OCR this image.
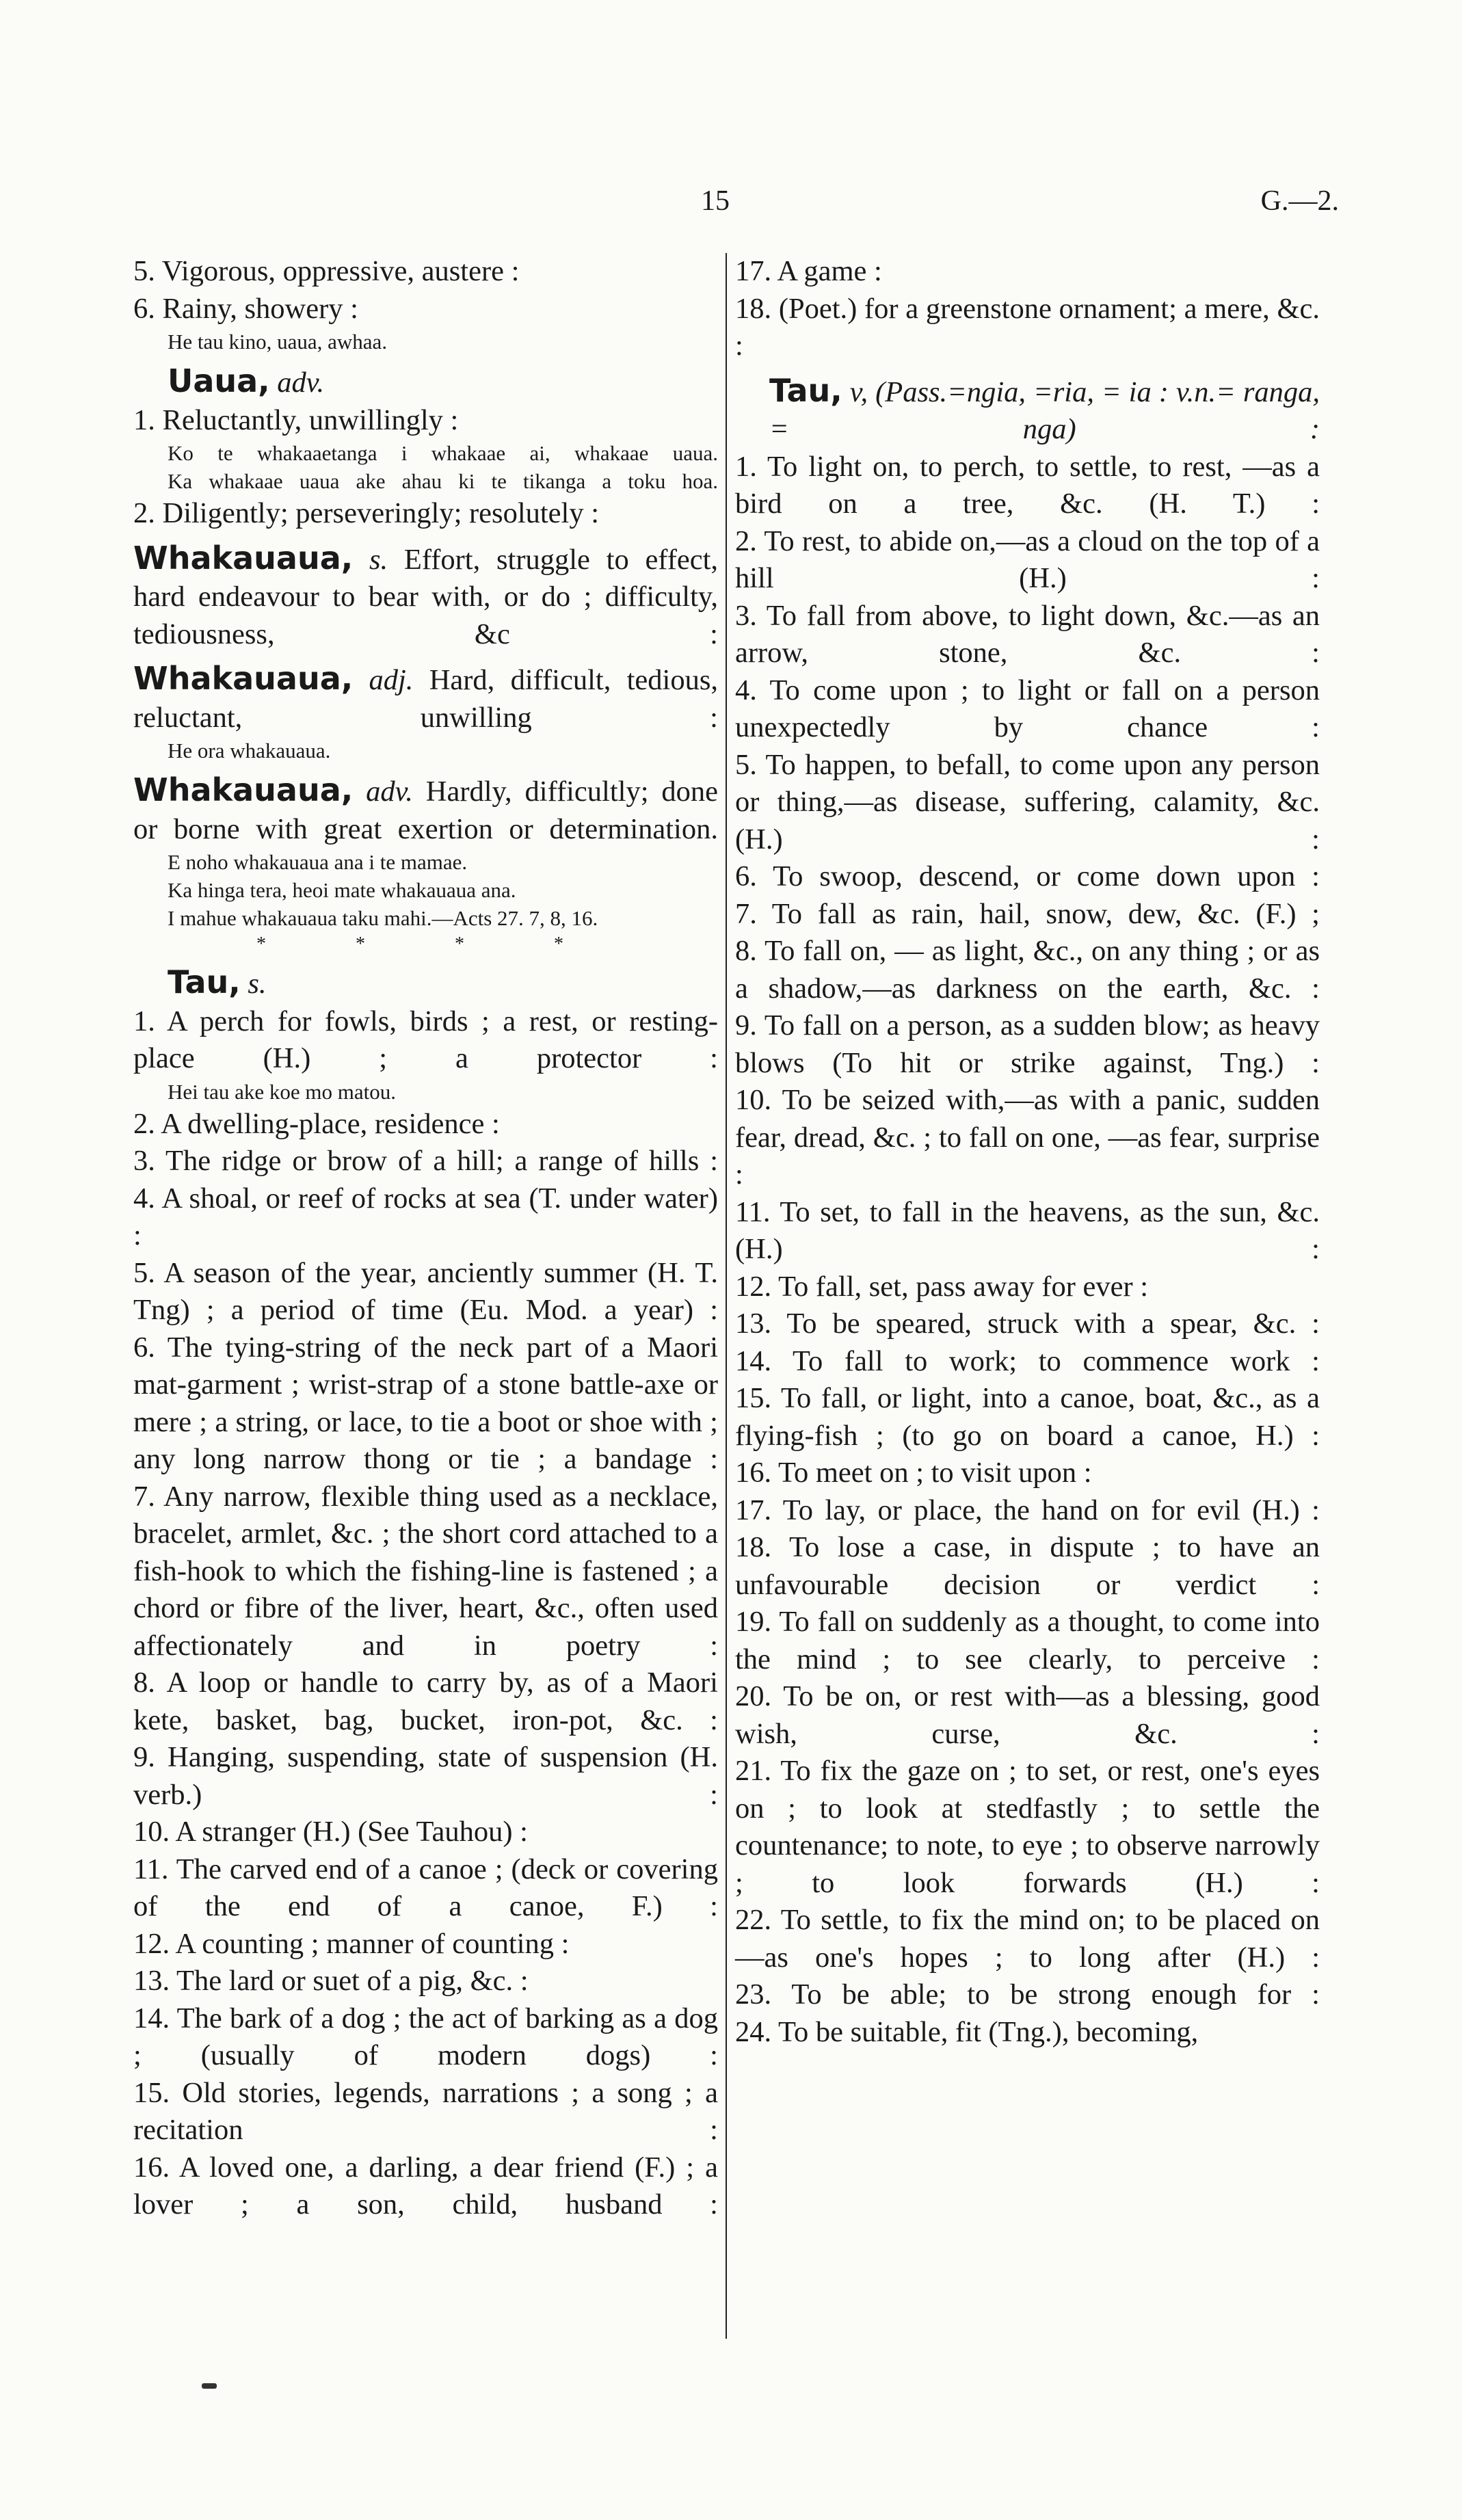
15	G.—2.
5. Vigorous, oppressive, austere :
6. Rainy, showery :
He tau kino, uaua, awhaa.
Uaua, adv.
1. Reluctantly, unwillingly :
Ko te whakaaetanga i whakaae ai, whakaae uaua.
Ka whakaae uaua ake ahau ki te tikanga a toku hoa.
2. Diligently; perseveringly; resolutely :
Whakauaua, s. Effort, struggle to effect, hard endeavour to bear with, or do ; difficulty, tediousness, &c :
Whakauaua, adj. Hard, difficult, tedious, reluctant, unwilling :
He ora whakauaua.
Whakauaua, adv. Hardly, difficultly; done or borne with great exertion or determination.
E noho whakauaua ana i te mamae.
Ka hinga tera, heoi mate whakauaua ana.
I mahue whakauaua taku mahi.—Acts 27. 7, 8, 16.
* * * *
Tau, s.
1. A perch for fowls, birds ; a rest, or resting-place (H.) ; a protector :
Hei tau ake koe mo matou.
2. A dwelling-place, residence :
3. The ridge or brow of a hill; a range of hills :
4. A shoal, or reef of rocks at sea (T. under water) :
5. A season of the year, anciently summer (H. T. Tng) ; a period of time (Eu. Mod. a year) :
6. The tying-string of the neck part of a Maori mat-garment ; wrist-strap of a stone battle-axe or mere ; a string, or lace, to tie a boot or shoe with ; any long narrow thong or tie ; a bandage :
7. Any narrow, flexible thing used as a necklace, bracelet, armlet, &c. ; the short cord attached to a fish-hook to which the fishing-line is fastened ; a chord or fibre of the liver, heart, &c., often used affectionately and in poetry :
8. A loop or handle to carry by, as of a Maori kete, basket, bag, bucket, iron-pot, &c. :
9. Hanging, suspending, state of suspension (H. verb.) :
10. A stranger (H.) (See Tauhou) :
11. The carved end of a canoe ; (deck or covering of the end of a canoe, F.) :
12. A counting ; manner of counting :
13. The lard or suet of a pig, &c. :
14. The bark of a dog ; the act of barking as a dog ; (usually of modern dogs) :
15. Old stories, legends, narrations ; a song ; a recitation :
16. A loved one, a darling, a dear friend (F.) ; a lover ; a son, child, husband :
17. A game :
18. (Poet.) for a greenstone ornament; a mere, &c. :
Tau, v, (Pass.=ngia, =ria, = ia : v.n.= ranga, = nga) :
1. To light on, to perch, to settle, to rest, —as a bird on a tree, &c. (H. T.) :
2. To rest, to abide on,—as a cloud on the top of a hill (H.) :
3. To fall from above, to light down, &c.—as an arrow, stone, &c. :
4. To come upon ; to light or fall on a person unexpectedly by chance :
5. To happen, to befall, to come upon any person or thing,—as disease, suffering, calamity, &c. (H.) :
6. To swoop, descend, or come down upon :
7. To fall as rain, hail, snow, dew, &c. (F.) ;
8. To fall on, — as light, &c., on any thing ; or as a shadow,—as darkness on the earth, &c. :
9. To fall on a person, as a sudden blow; as heavy blows (To hit or strike against, Tng.) :
10. To be seized with,—as with a panic, sudden fear, dread, &c. ; to fall on one, —as fear, surprise :
11. To set, to fall in the heavens, as the sun, &c. (H.) :
12. To fall, set, pass away for ever :
13. To be speared, struck with a spear, &c. :
14. To fall to work; to commence work :
15. To fall, or light, into a canoe, boat, &c., as a flying-fish ; (to go on board a canoe, H.) :
16. To meet on ; to visit upon :
17. To lay, or place, the hand on for evil (H.) :
18. To lose a case, in dispute ; to have an unfavourable decision or verdict :
19. To fall on suddenly as a thought, to come into the mind ; to see clearly, to perceive :
20. To be on, or rest with—as a blessing, good wish, curse, &c. :
21. To fix the gaze on ; to set, or rest, one's eyes on ; to look at stedfastly ; to settle the countenance; to note, to eye ; to observe narrowly ; to look forwards (H.) :
22. To settle, to fix the mind on; to be placed on—as one's hopes ; to long after (H.) :
23. To be able; to be strong enough for :
24. To be suitable, fit (Tng.), becoming,
